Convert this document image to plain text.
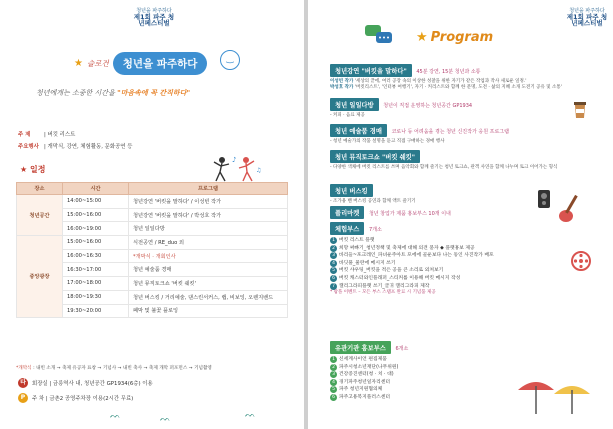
청년을 파주하다
제1회 파주 청년페스티벌
★ 슬로건	청년을 파주하다	‿
청년에게는 소중한 시간을 "마음속에 꼭 간직하다"
주 제	| 버킷 리스트
주요행사 | 개막식, 강연, 체험활동, 문화공연 등
★ 일정
♪
♫
장소	시간	프로그램
청년공간	14:00~15:00	청년강연 '버킷을 말하다' / 이성빈 작가
	15:00~16:00	청년강연 '버킷을 말하다' / 박성호 작가
	16:00~19:00	청년 일일다방
중앙광장	15:00~16:00	식전공연 / RE_duo 외
	16:00~16:30	*개막식 · 개회인사
	16:30~17:00	청년 예술품 경매
	17:00~18:00	청년 뮤직토크쇼 '버킷 쉐킷'
	18:00~19:30	청년 버스킹 / 거리예술, 댄스린서커스, 랩, 비보잉, 오렌지밴드
	19:30~20:00	폐막 및 불꽃 플로잉
*개막식 : 내빈 소개 → 축제 유공자 표창 → 기념사 → 내빈 축사 → 축제 개막 퍼포먼스 → 기념촬영
타	회장실 | 금릉역사 내, 청년공간 GP1934(6층) 이용
P	주 차 | 금촌2 공영주차장 이용(2시간 무료)
ᨓ	ᨓ	ᨓ
청년을 파주하다
제1회 파주 청년페스티벌
★ Program
청년강연 "버킷을 말하다" 45분 강연, 15분 청년과 소통
이성빈 작가 '세상의 끝에, 여러 공장 속의 이상한 성찰을 위한 자기가 같은 작업과 작사 새로운 일정.'
박성호 작가 '버킷리스트', '인터뷰 여행기', 자기 · 커리스트와 함께 한 문명, 도전 · 삶의 지혜 소개 도전기 공유 및 소통'
청년 일일다방 청년이 직접 운영하는 청년공간 GP1934
- 커피 · 음료 제공
청년 예술품 경매 코로나 등 어려움을 겪는 청년 신진작가 응원 프로그램
- 청년 예술가의 작품 설명을 듣고 직접 구매하는 경매 행사
청년 뮤직토크쇼 "버킷 쉐킷"
- 다양한 색채에 버킷 리스트를 쓰며 음악회와 함께 즐기는 청년 토크쇼, 관객 사연을 함께 나누며 토크 이어가는 형식
청년 버스킹
- 조가용 밴 버스킹 공연과 함께 액트 즐기기
플리마켓 청년 창업가 제품 홍보부스 10개 이내
체험부스 7개소
1 버킷 리스트 플랫
2 희망 써빠기_청년정책 및 축제에 대해 의견 묻자 ◆ 플랫홍보 제공
3 바리들~포크레인_파녀운주아트 포에에 골운보다 나는 동인 사진작가 배포
4 바딧풀_물란에 메시지 쓰기
5 버킷 샤우팅_버킷을 적은 공을 큰 소리로 외쳐보기
6 버킷 캐스터와인플래퍼_스티커를 이용해 버킷 메시지 작성
7 캘리그라피플랫 쓰기_글귀 캘리그라피 제작
* 팜플 이벤트 – 모든 부스 스탬프 완료 시 기념품 제공
유관기관 홍보부스 6개소
1 신세계사이언 편집제품
2 파주시청소년재단(나무위원)
3 건강증진센터(청 · 치 · 대)
4 경기파주청년일자리센터
5 파주 청년지원협의체
6 파주고용복지플러스센터
